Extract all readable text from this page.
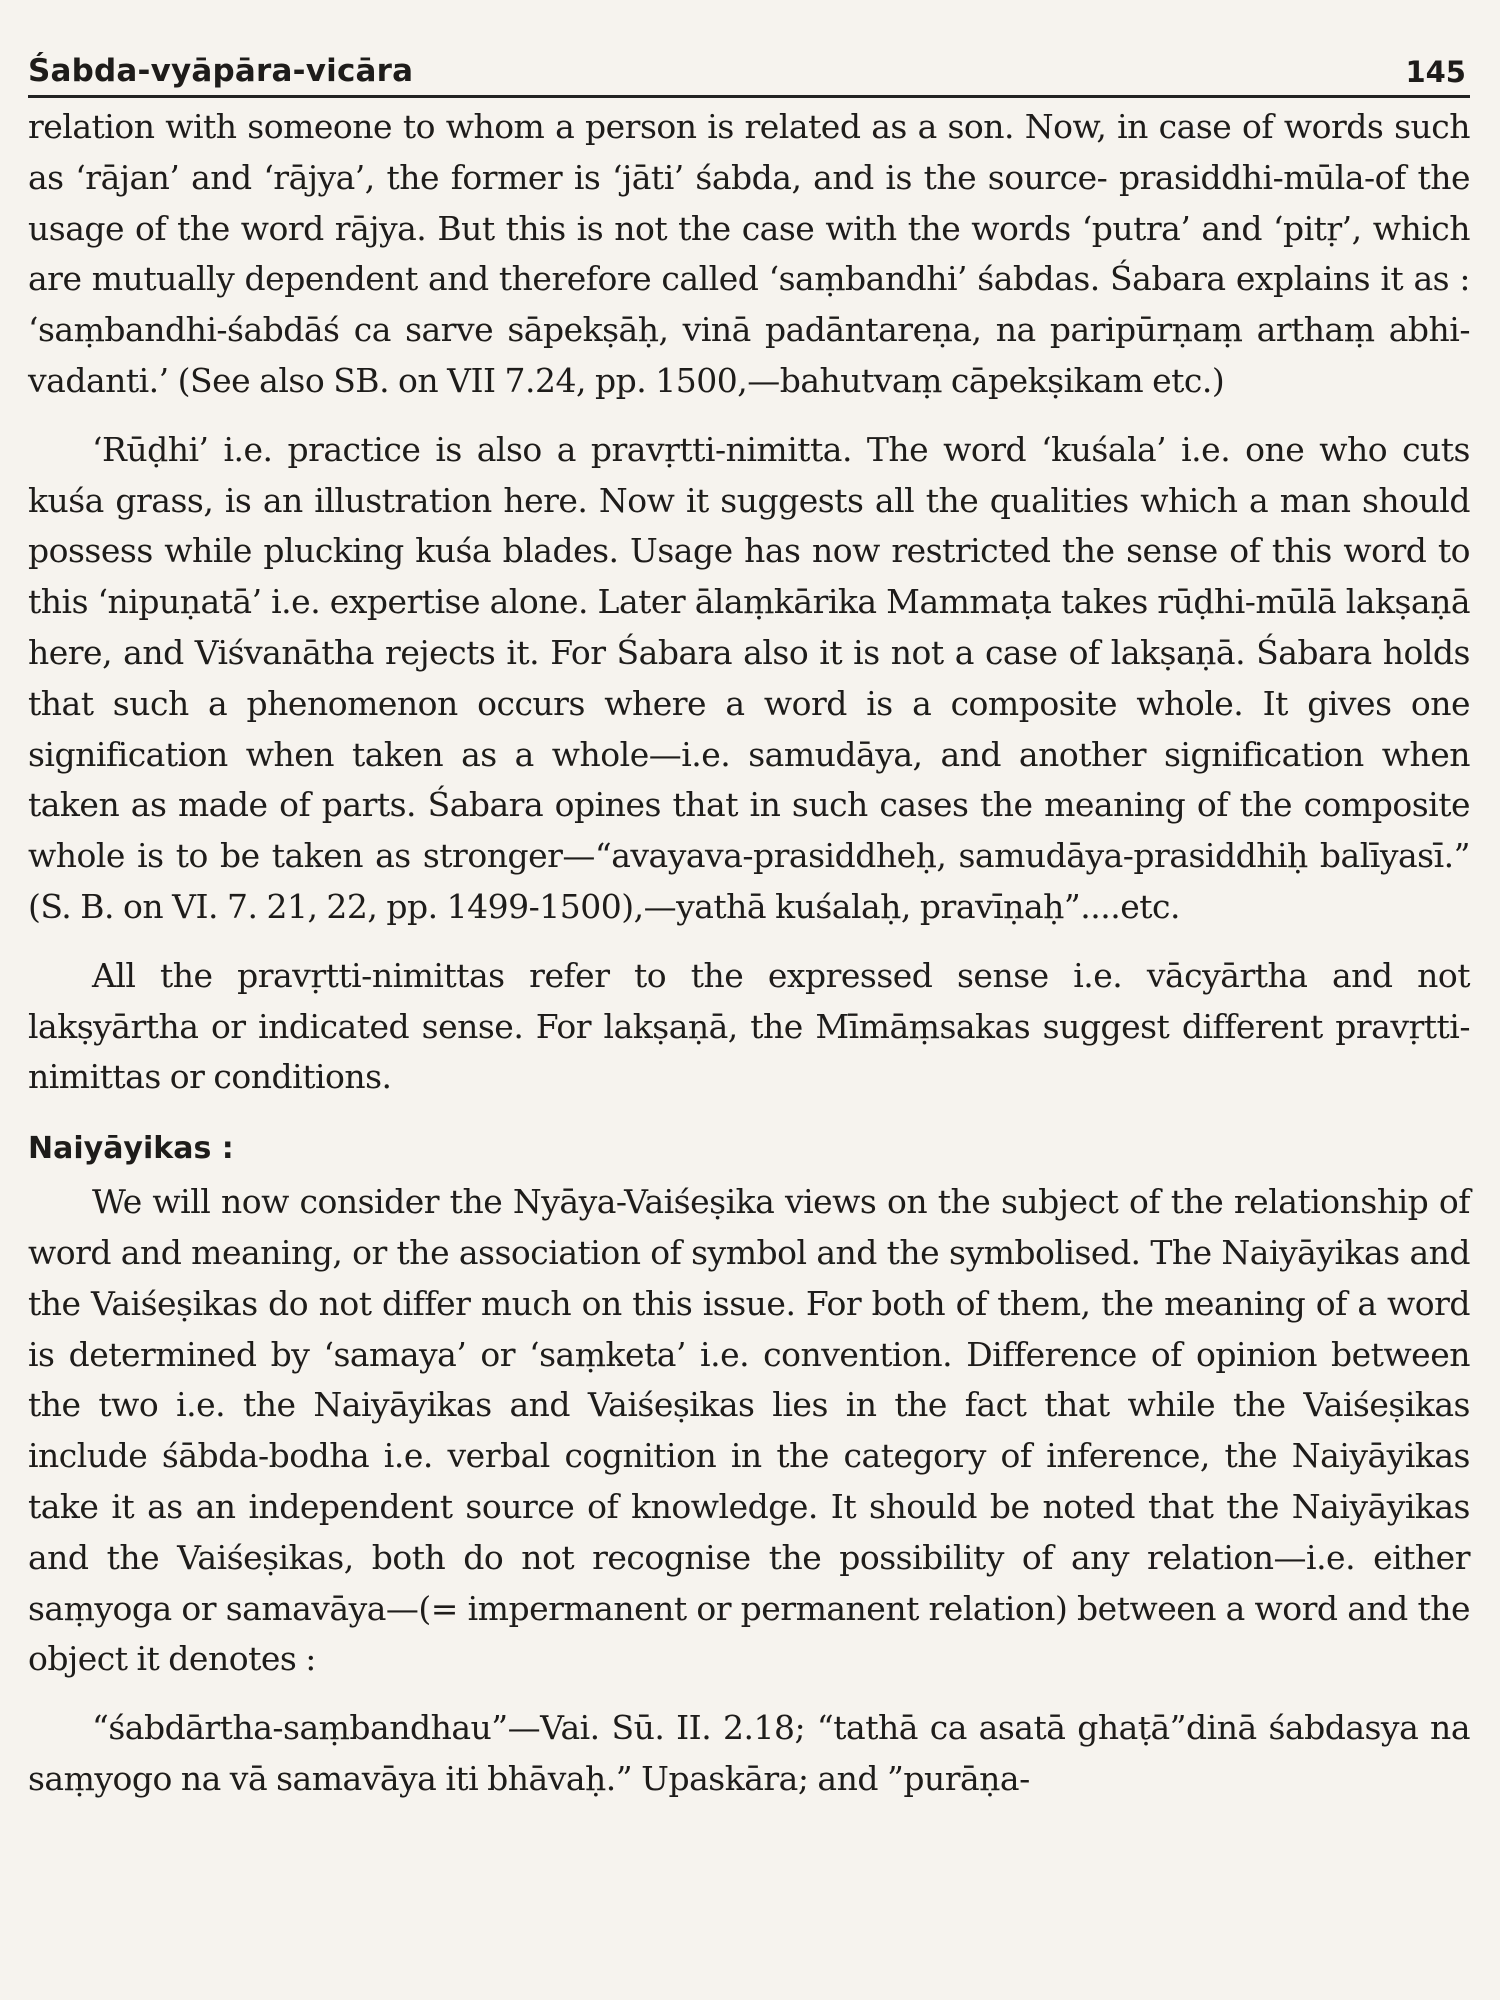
Śabda-vyāpāra-vicāra	145

relation with someone to whom a person is related as a son. Now, in case of words such as ‘rājan’ and ‘rājya’, the former is ‘jāti’ śabda, and is the source- prasiddhi-mūla-of the usage of the word rājya. But this is not the case with the words ‘putra’ and ‘pitṛ’, which are mutually dependent and therefore called ‘saṃbandhi’ śabdas. Śabara explains it as : ‘saṃbandhi-śabdāś ca sarve sāpekṣāḥ, vinā padāntareṇa, na paripūrṇaṃ arthaṃ abhi-vadanti.’ (See also SB. on VII 7.24, pp. 1500,—bahutvaṃ cāpekṣikam etc.)

‘Rūḍhi’ i.e. practice is also a pravṛtti-nimitta. The word ‘kuśala’ i.e. one who cuts kuśa grass, is an illustration here. Now it suggests all the qualities which a man should possess while plucking kuśa blades. Usage has now restricted the sense of this word to this ‘nipuṇatā’ i.e. expertise alone. Later ālaṃkārika Mammaṭa takes rūḍhi-mūlā lakṣaṇā here, and Viśvanātha rejects it. For Śabara also it is not a case of lakṣaṇā. Śabara holds that such a phenomenon occurs where a word is a composite whole. It gives one signification when taken as a whole—i.e. samudāya, and another signification when taken as made of parts. Śabara opines that in such cases the meaning of the composite whole is to be taken as stronger—“avayava-prasiddheḥ, samudāya-prasiddhiḥ balīyasī.” (S. B. on VI. 7. 21, 22, pp. 1499-1500),—yathā kuśalaḥ, pravīṇaḥ”....etc.

All the pravṛtti-nimittas refer to the expressed sense i.e. vācyārtha and not lakṣyārtha or indicated sense. For lakṣaṇā, the Mīmāṃsakas suggest different pravṛtti-nimittas or conditions.

Naiyāyikas :

We will now consider the Nyāya-Vaiśeṣika views on the subject of the relationship of word and meaning, or the association of symbol and the symbolised. The Naiyāyikas and the Vaiśeṣikas do not differ much on this issue. For both of them, the meaning of a word is determined by ‘samaya’ or ‘saṃketa’ i.e. convention. Difference of opinion between the two i.e. the Naiyāyikas and Vaiśeṣikas lies in the fact that while the Vaiśeṣikas include śābda-bodha i.e. verbal cognition in the category of inference, the Naiyāyikas take it as an independent source of knowledge. It should be noted that the Naiyāyikas and the Vaiśeṣikas, both do not recognise the possibility of any relation—i.e. either saṃyoga or samavāya—(= impermanent or permanent relation) between a word and the object it denotes :

“śabdārtha-saṃbandhau”—Vai. Sū. II. 2.18; “tathā ca asatā ghaṭā”dinā śabdasya na saṃyogo na vā samavāya iti bhāvaḥ.” Upaskāra; and ”purāṇa-
